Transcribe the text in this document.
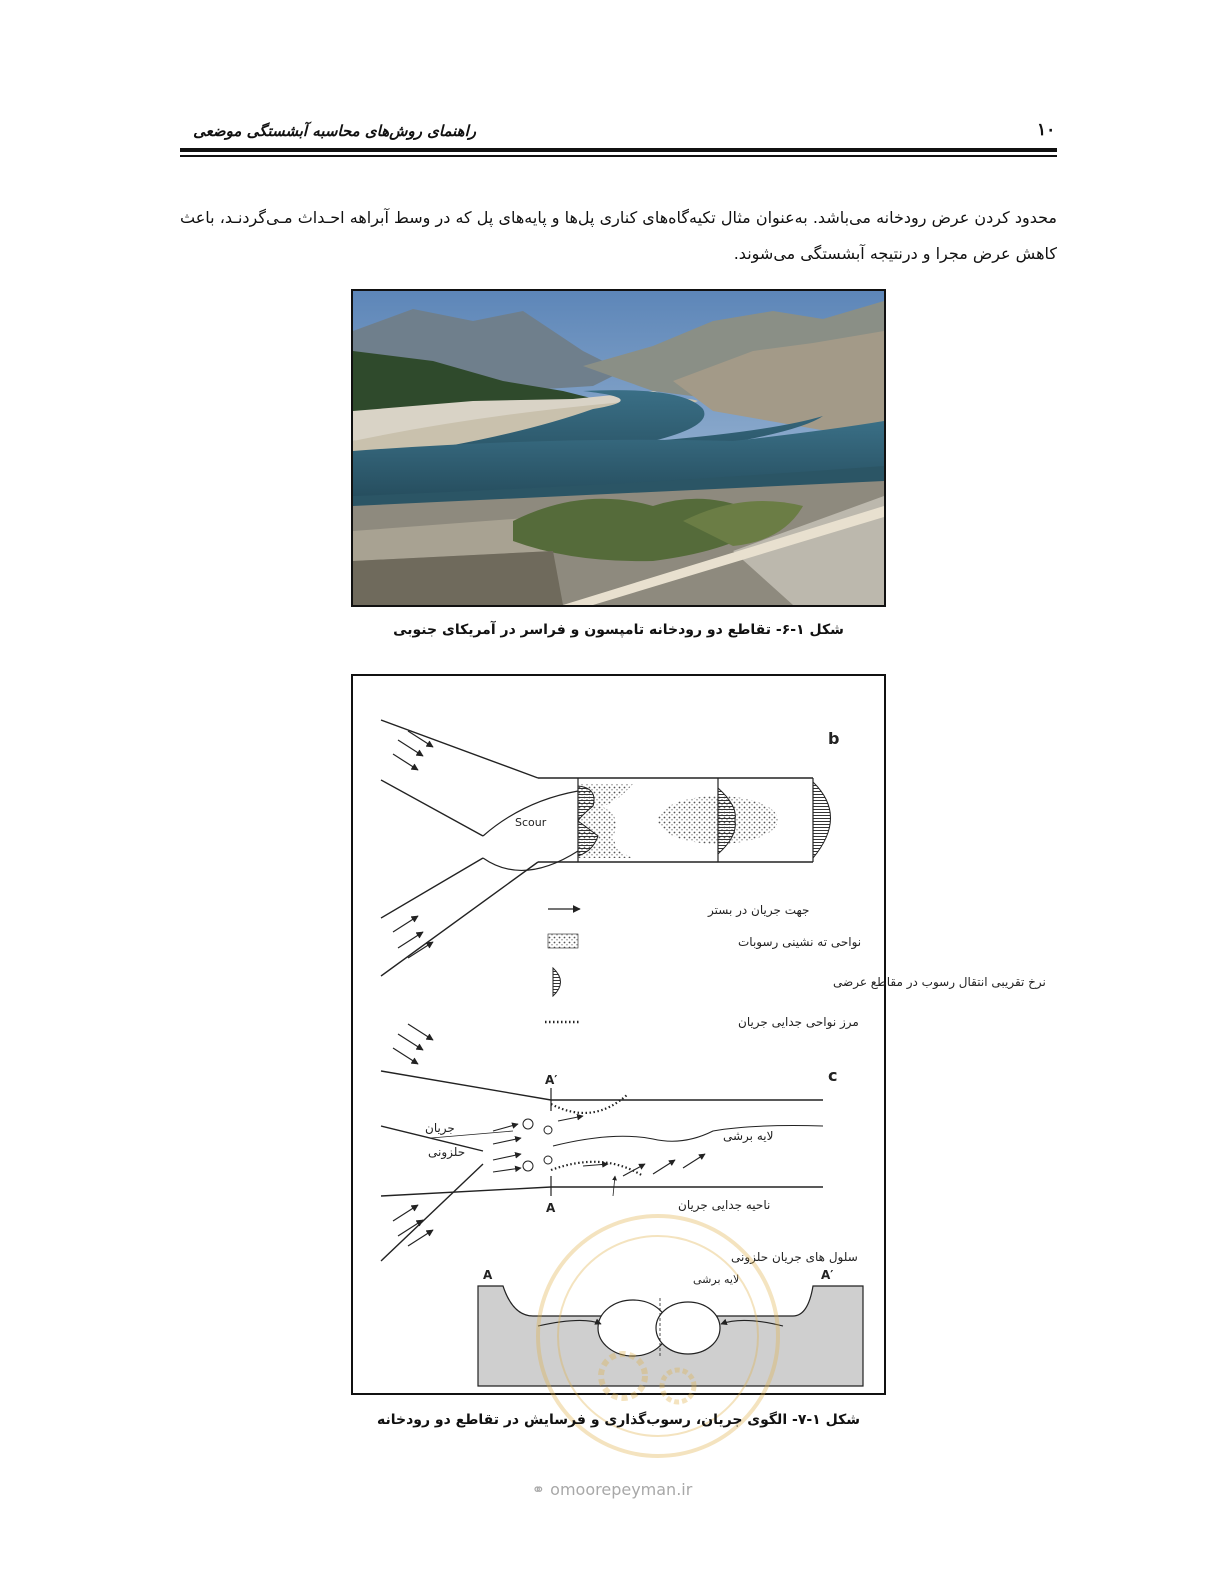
راهنمای روش‌های محاسبه آبشستگی موضعی	۱۰
محدود کردن عرض رودخانه می‌باشد. به‌عنوان مثال تکیه‌گاه‌های کناری پل‌ها و پایه‌های پل که در وسط آبراهه احـداث مـی‌گردنـد، باعث کاهش عرض مجرا و درنتیجه آبشستگی می‌شوند.
شکل ۱-۶- تقاطع دو رودخانه تامپسون و فراسر در آمریکای جنوبی
Scour
b
جهت جریان در بستر
نواحی ته نشینی رسوبات
نرخ تقریبی انتقال رسوب در مقاطع عرضی
مرز نواحی جدایی جریان
c
A′
A
جریان
حلزونی
لایه برشی
ناحیه جدایی جریان
A	A′
سلول های جریان حلزونی
لایه برشی
شکل ۱-۷- الگوی جریان، رسوب‌گذاری و فرسایش در تقاطع دو رودخانه
⚭ omoorepeyman.ir
